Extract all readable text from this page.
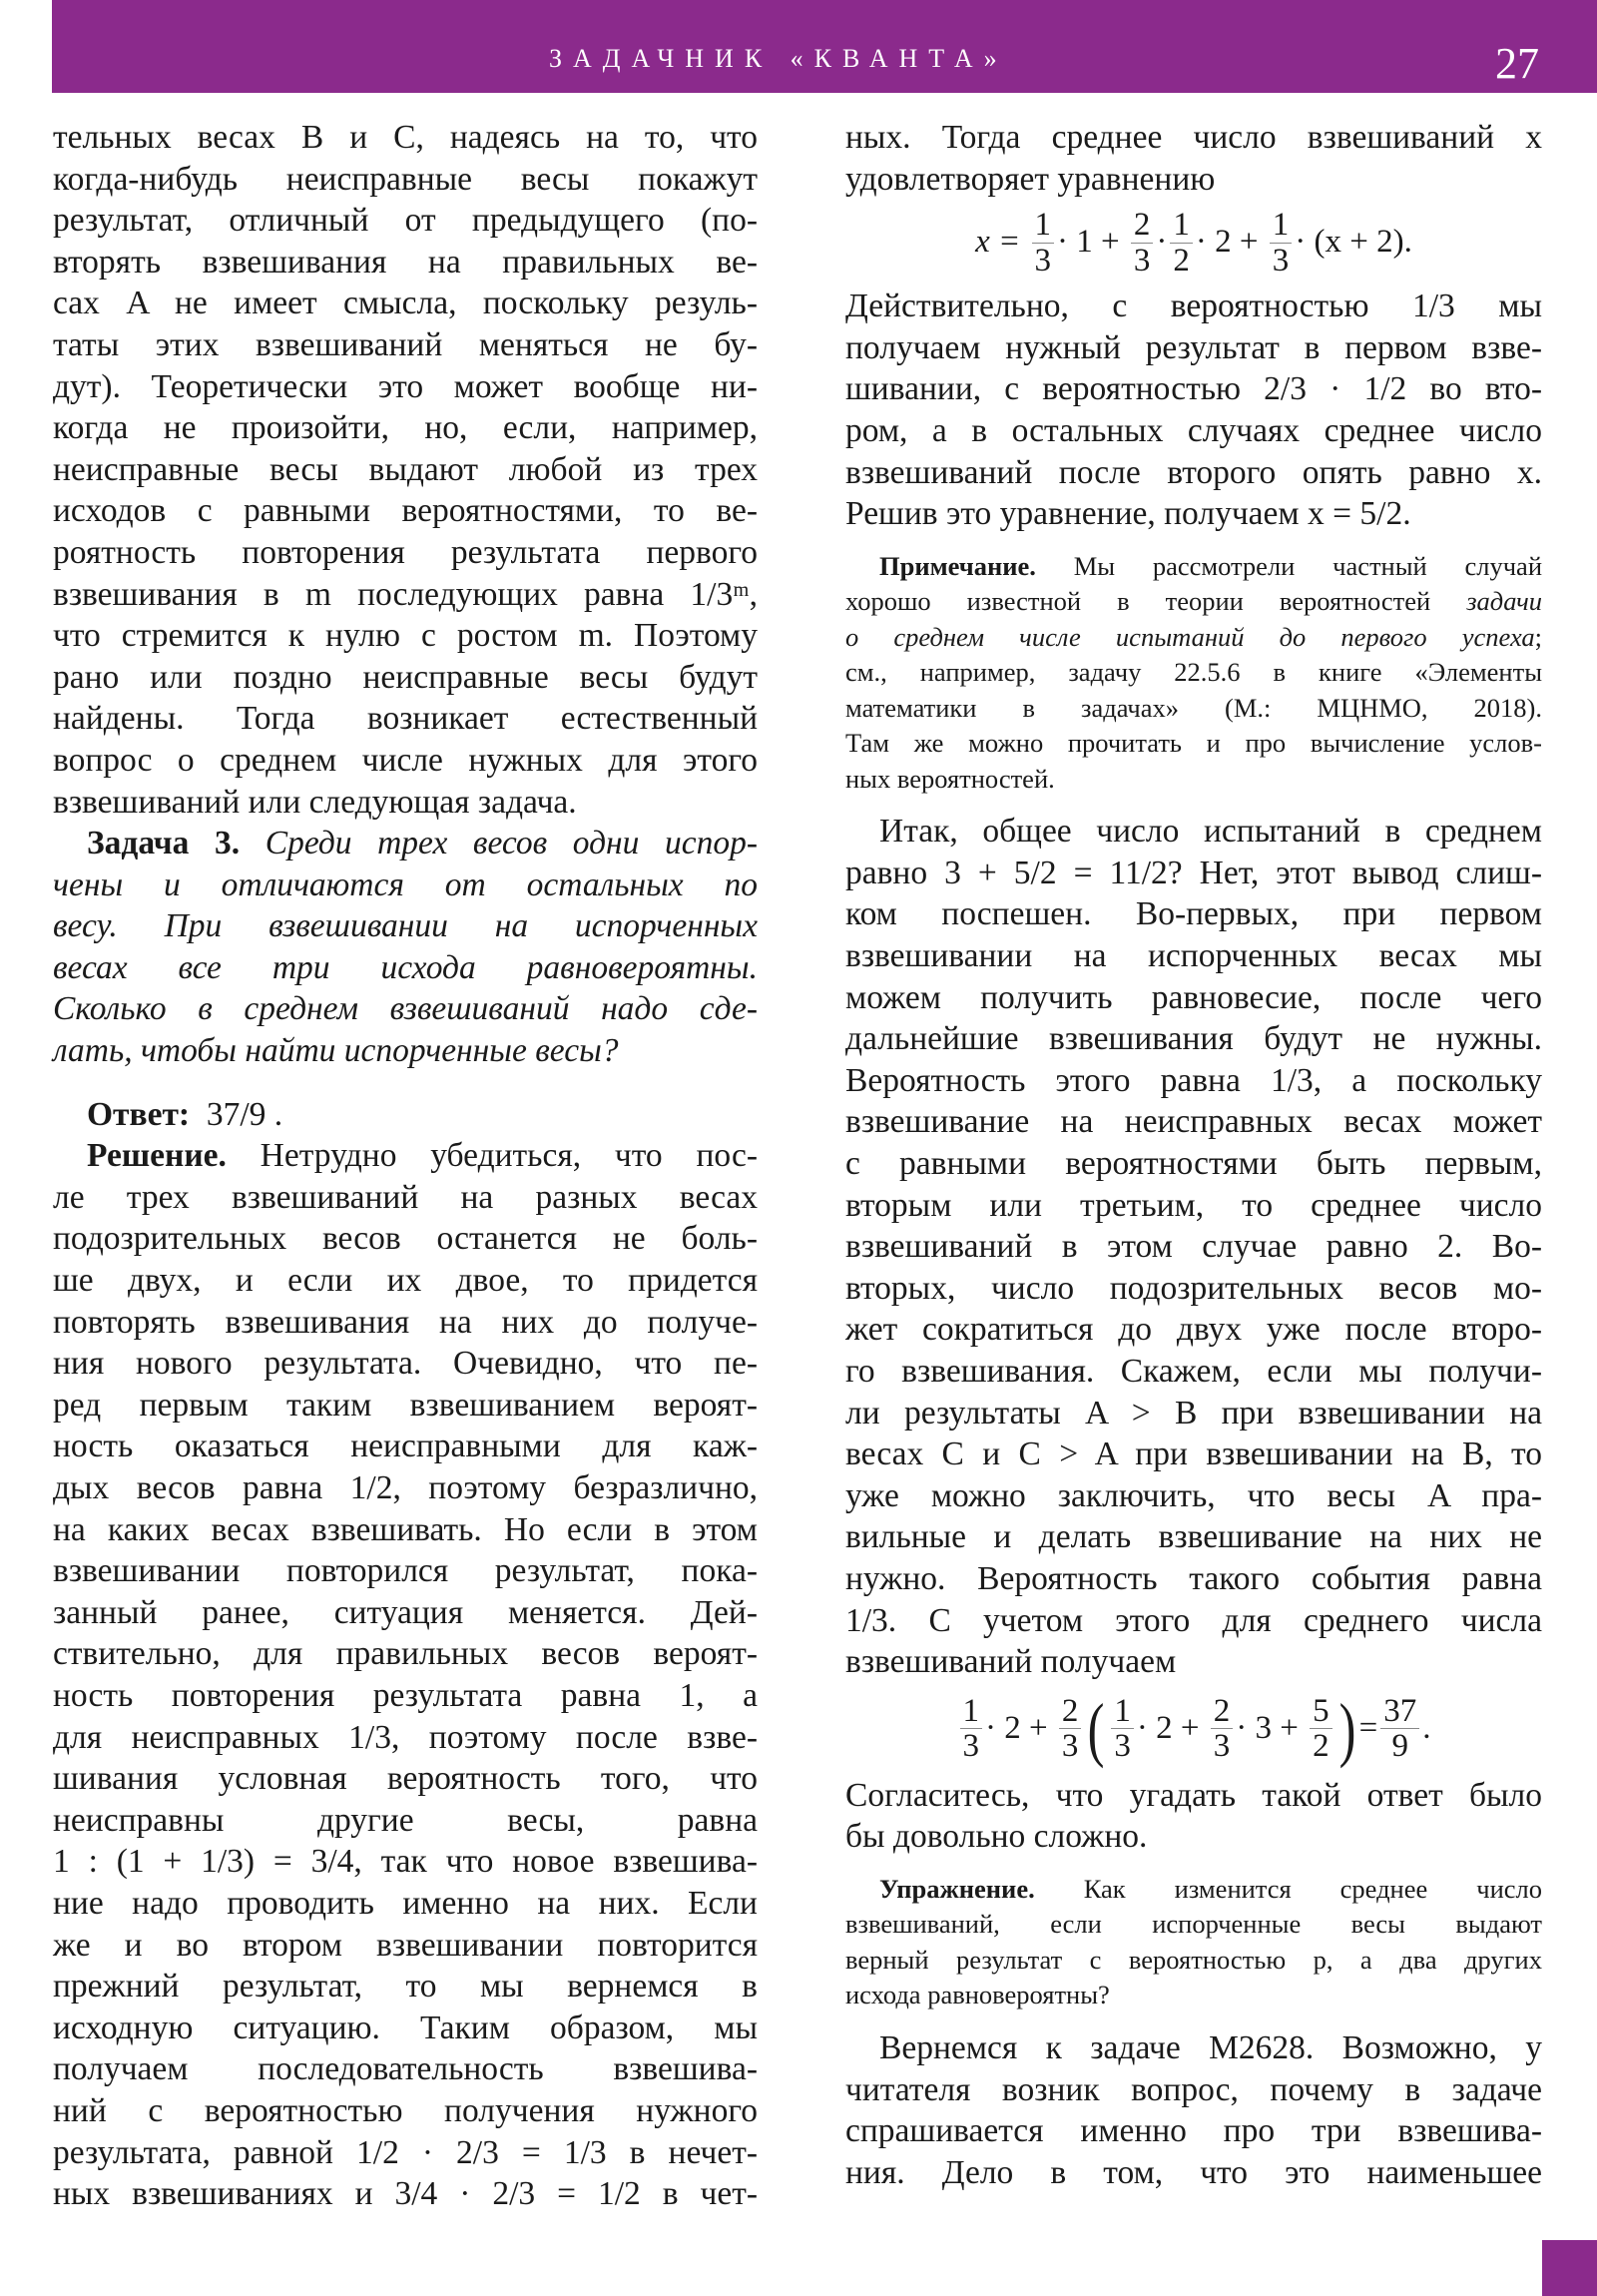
ЗАДАЧНИК «КВАНТА»	27
тельных весах B и C, надеясь на то, что
когда-нибудь неисправные весы покажут
результат, отличный от предыдущего (по-
вторять взвешивания на правильных ве-
сах A не имеет смысла, поскольку резуль-
таты этих взвешиваний меняться не бу-
дут). Теоретически это может вообще ни-
когда не произойти, но, если, например,
неисправные весы выдают любой из трех
исходов с равными вероятностями, то ве-
роятность повторения результата первого
взвешивания в m последующих равна 1/3ᵐ,
что стремится к нулю с ростом m. Поэтому
рано или поздно неисправные весы будут
найдены. Тогда возникает естественный
вопрос о среднем числе нужных для этого
взвешиваний или следующая задача.
Задача 3. Среди трех весов одни испор-
чены и отличаются от остальных по
весу. При взвешивании на испорченных
весах все три исхода равновероятны.
Сколько в среднем взвешиваний надо сде-
лать, чтобы найти испорченные весы?
Ответ: 37/9 .
Решение. Нетрудно убедиться, что пос-
ле трех взвешиваний на разных весах
подозрительных весов останется не боль-
ше двух, и если их двое, то придется
повторять взвешивания на них до получе-
ния нового результата. Очевидно, что пе-
ред первым таким взвешиванием вероят-
ность оказаться неисправными для каж-
дых весов равна 1/2, поэтому безразлично,
на каких весах взвешивать. Но если в этом
взвешивании повторился результат, пока-
занный ранее, ситуация меняется. Дей-
ствительно, для правильных весов вероят-
ность повторения результата равна 1, а
для неисправных 1/3, поэтому после взве-
шивания условная вероятность того, что
неисправны другие весы, равна
1 : (1 + 1/3) = 3/4, так что новое взвешива-
ние надо проводить именно на них. Если
же и во втором взвешивании повторится
прежний результат, то мы вернемся в
исходную ситуацию. Таким образом, мы
получаем последовательность взвешива-
ний с вероятностью получения нужного
результата, равной 1/2 · 2/3 = 1/3 в нечет-
ных взвешиваниях и 3/4 · 2/3 = 1/2 в чет-
ных. Тогда среднее число взвешиваний x
удовлетворяет уравнению
x =
$\frac{1}{3} \cdot 1$ +
$\frac{2}{3} \cdot \frac{1}{2} \cdot 2$ +
$\frac{1}{3} \cdot (x + 2)$.
Действительно, с вероятностью 1/3 мы
получаем нужный результат в первом взве-
шивании, с вероятностью 2/3 · 1/2 во вто-
ром, а в остальных случаях среднее число
взвешиваний после второго опять равно x.
Решив это уравнение, получаем x = 5/2.
Примечание. Мы рассмотрели частный случай
хорошо известной в теории вероятностей задачи
о среднем числе испытаний до первого успеха;
см., например, задачу 22.5.6 в книге «Элементы
математики в задачах» (М.: МЦНМО, 2018).
Там же можно прочитать и про вычисление услов-
ных вероятностей.
Итак, общее число испытаний в среднем
равно 3 + 5/2 = 11/2? Нет, этот вывод слиш-
ком поспешен. Во-первых, при первом
взвешивании на испорченных весах мы
можем получить равновесие, после чего
дальнейшие взвешивания будут не нужны.
Вероятность этого равна 1/3, а поскольку
взвешивание на неисправных весах может
с равными вероятностями быть первым,
вторым или третьим, то среднее число
взвешиваний в этом случае равно 2. Во-
вторых, число подозрительных весов мо-
жет сократиться до двух уже после второ-
го взвешивания. Скажем, если мы получи-
ли результаты A > B при взвешивании на
весах C и C > A при взвешивании на B, то
уже можно заключить, что весы A пра-
вильные и делать взвешивание на них не
нужно. Вероятность такого события равна
1/3. С учетом этого для среднего числа
взвешиваний получаем
$\frac{1}{3} \cdot 2$ +
$\frac{2}{3}$ ( $\frac{1}{3} \cdot 2$ +
$\frac{2}{3} \cdot 3$ +
$\frac{5}{2}$ ) = $\frac{37}{9}$ .
Согласитесь, что угадать такой ответ было
бы довольно сложно.
Упражнение. Как изменится среднее число
взвешиваний, если испорченные весы выдают
верный результат с вероятностью p, а два других
исхода равновероятны?
Вернемся к задаче М2628. Возможно, у
читателя возник вопрос, почему в задаче
спрашивается именно про три взвешива-
ния. Дело в том, что это наименьшее
